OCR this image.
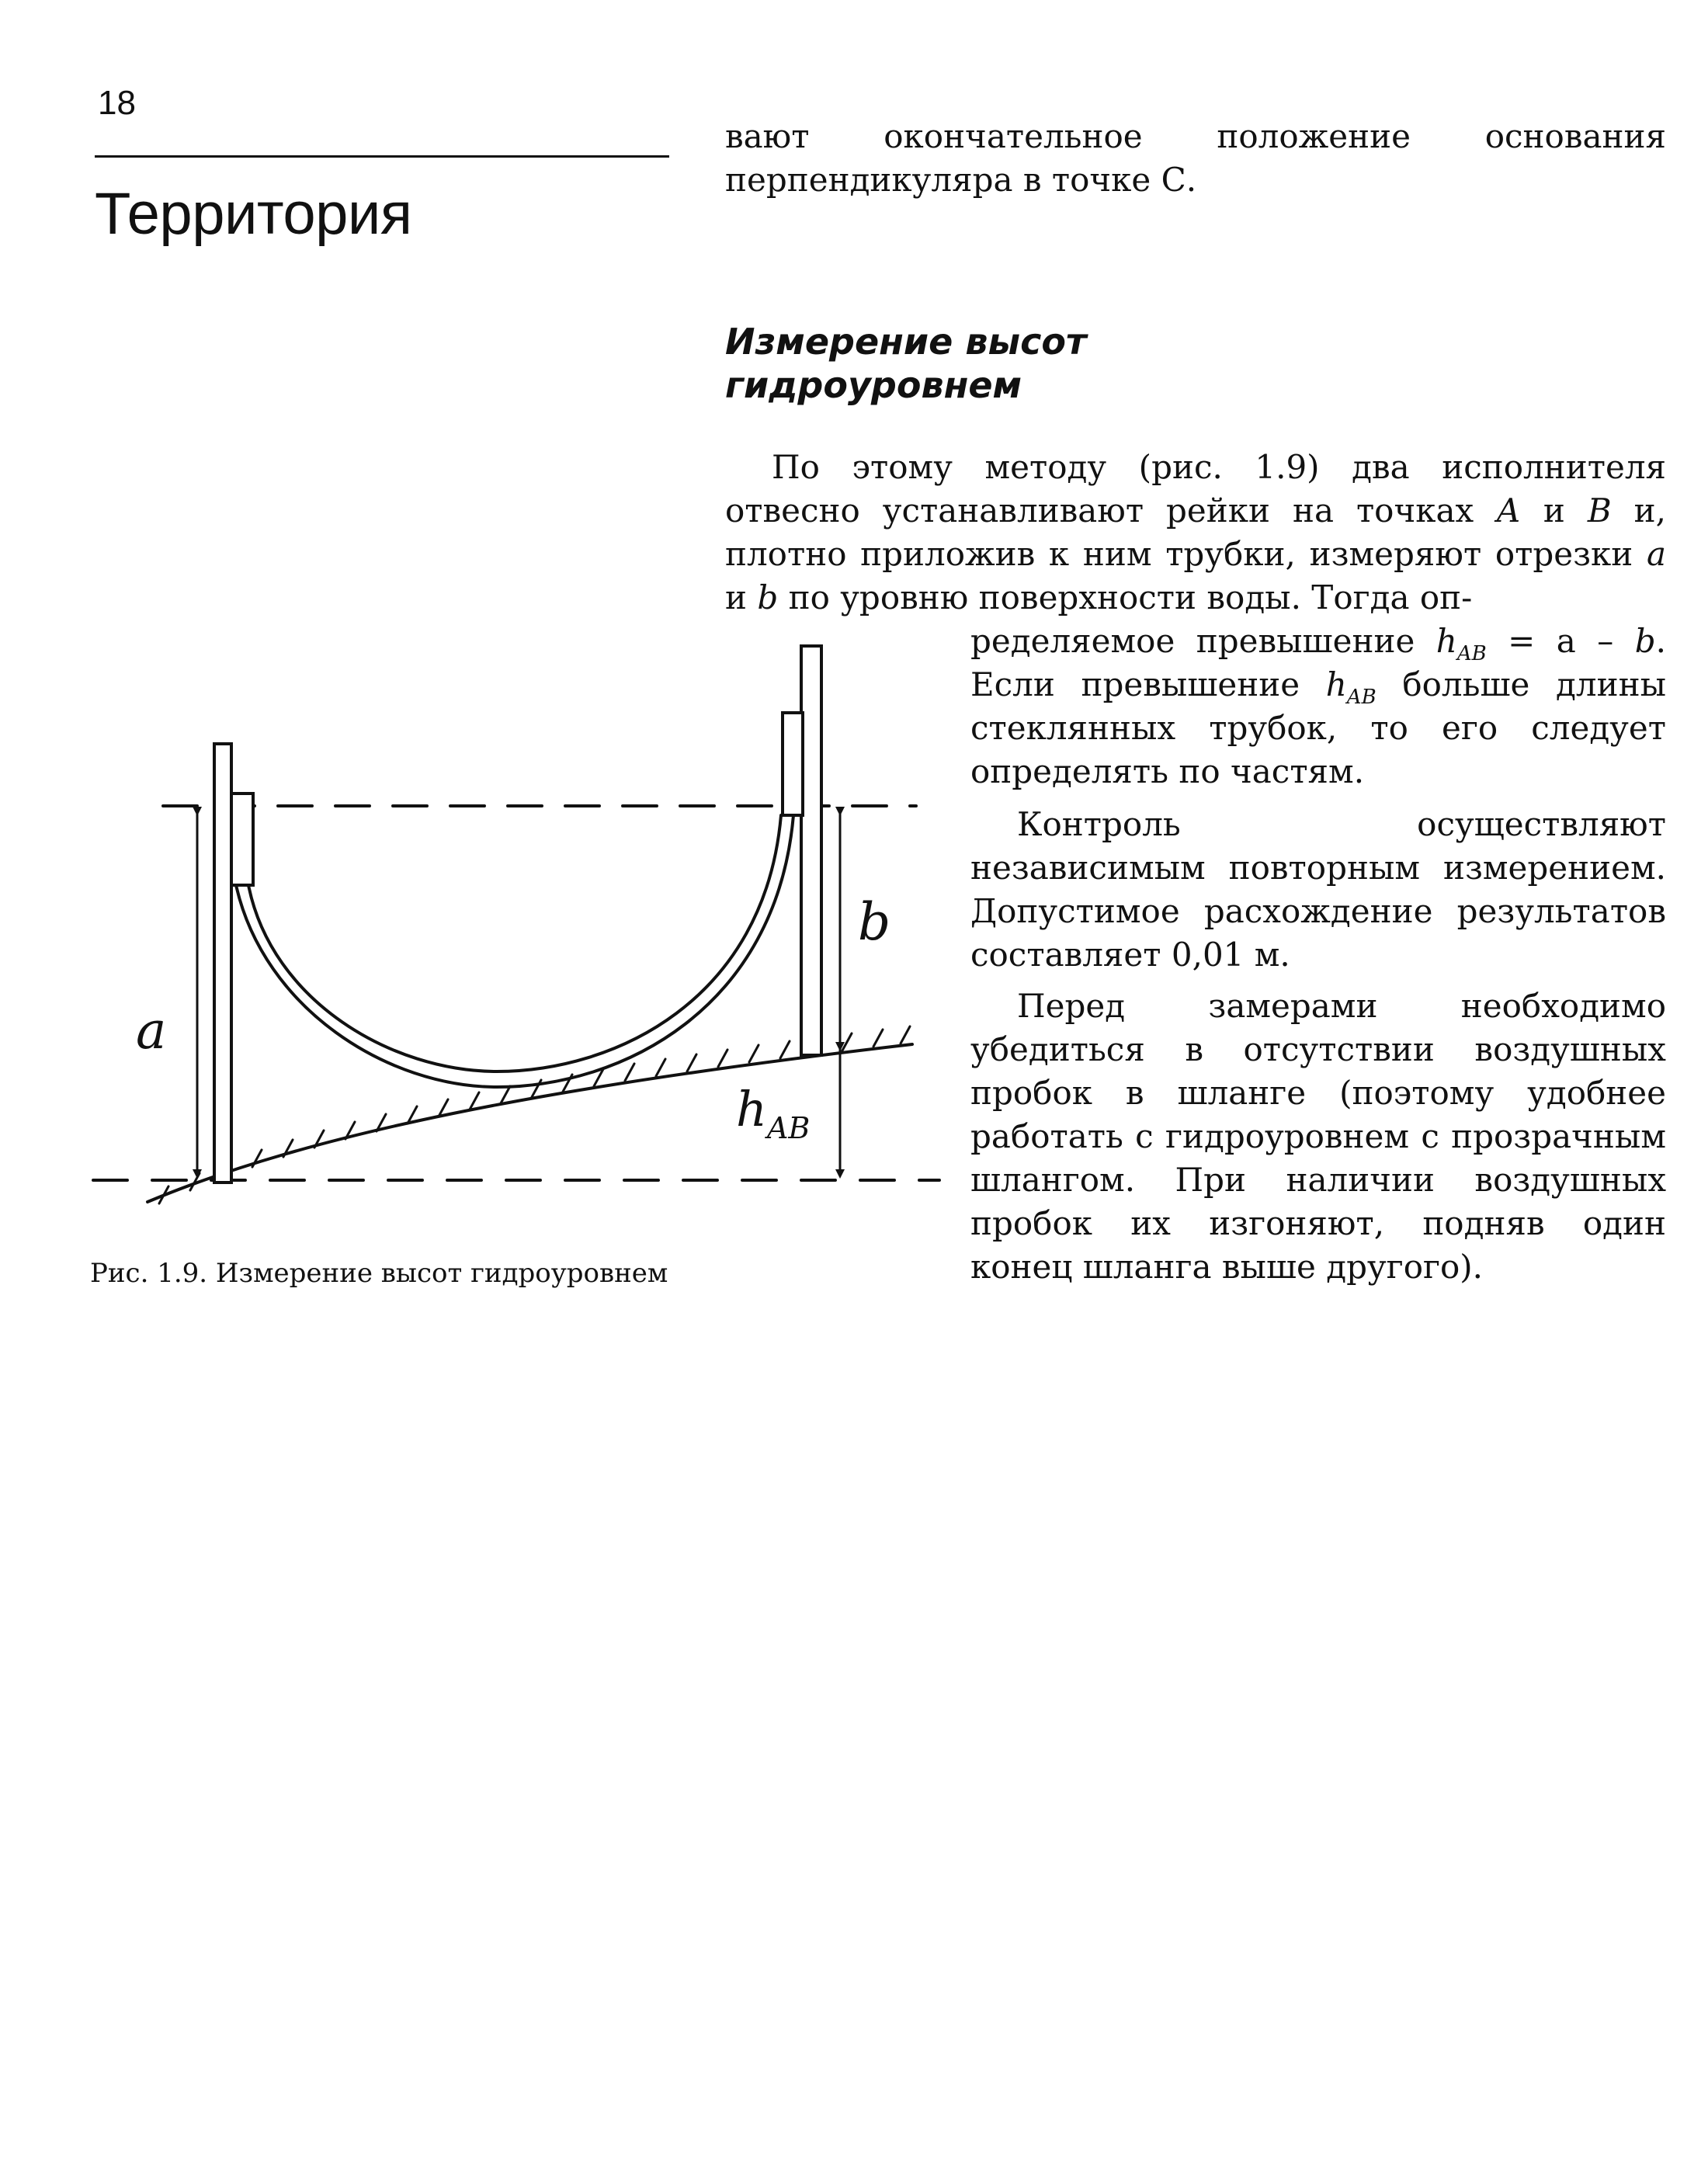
18
Территория
вают окончательное положение основания перпендикуляра в точке С.
Измерение высот
гидроуровнем
По этому методу (рис. 1.9) два исполнителя отвесно устанавливают рейки на точках А и В и, плотно приложив к ним трубки, измеряют отрезки a и b по уровню поверхности воды. Тогда оп-
ределяемое превышение $h_{AB} = a - b$. Если превышение $h_{AB}$ больше длины стеклянных трубок, то его следует определять по частям.
Контроль осуществляют независимым повторным измерением. Допустимое расхождение результатов составляет 0,01 м.
Перед замерами необходимо убедиться в отсутствии воздушных пробок в шланге (поэтому удобнее работать с гидроуровнем с прозрачным шлангом. При наличии воздушных пробок их изгоняют, подняв один конец шланга выше другого).
a
b
$h_{AB}$
Рис. 1.9. Измерение высот гидроуровнем
